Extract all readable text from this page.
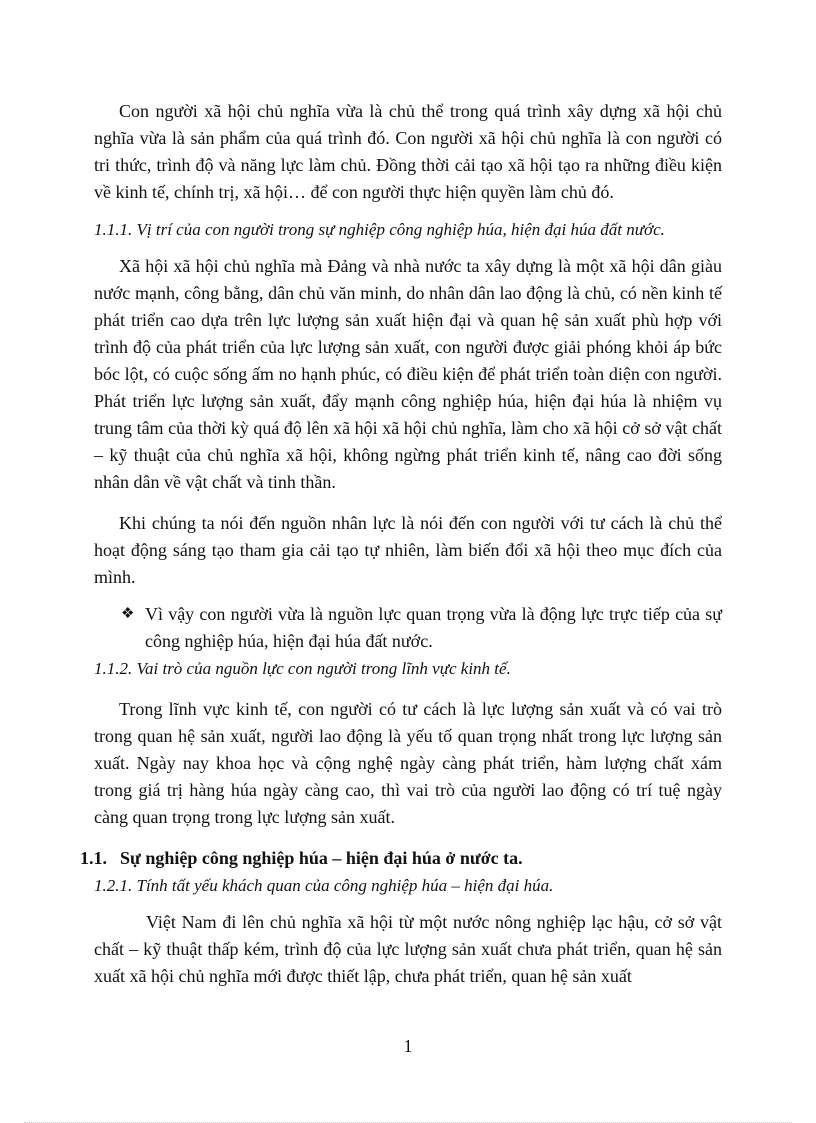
Con người xã hội chủ nghĩa vừa là chủ thể trong quá trình xây dựng xã hội chủ nghĩa vừa là sản phẩm của quá trình đó. Con người xã hội chủ nghĩa là con người có tri thức, trình độ và năng lực làm chủ. Đồng thời cải tạo xã hội tạo ra những điều kiện về kinh tế, chính trị, xã hội… để con người thực hiện quyền làm chủ đó.

1.1.1. Vị trí của con người trong sự nghiệp công nghiệp húa, hiện đại húa đất nước.

Xã hội xã hội chủ nghĩa mà Đảng và nhà nước ta xây dựng là một xã hội dân giàu nước mạnh, công bằng, dân chủ văn minh, do nhân dân lao động là chủ, có nền kinh tế phát triển cao dựa trên lực lượng sản xuất hiện đại và quan hệ sản xuất phù hợp với trình độ của phát triển của lực lượng sản xuất, con người được giải phóng khỏi áp bức bóc lột, có cuộc sống ấm no hạnh phúc, có điều kiện để phát triển toàn diện con người. Phát triển lực lượng sản xuất, đẩy mạnh công nghiệp húa, hiện đại húa là nhiệm vụ trung tâm của thời kỳ quá độ lên xã hội xã hội chủ nghĩa, làm cho xã hội cở sở vật chất – kỹ thuật của chủ nghĩa xã hội, không ngừng phát triển kinh tế, nâng cao đời sống nhân dân về vật chất và tinh thần.

Khi chúng ta nói đến nguồn nhân lực là nói đến con người với tư cách là chủ thể hoạt động sáng tạo tham gia cải tạo tự nhiên, làm biến đổi xã hội theo mục đích của mình.

❖ Vì vậy con người vừa là nguồn lực quan trọng vừa là động lực trực tiếp của sự công nghiệp húa, hiện đại húa đất nước.

1.1.2. Vai trò của nguồn lực con người trong lĩnh vực kinh tế.

Trong lĩnh vực kinh tế, con người có tư cách là lực lượng sản xuất và có vai trò trong quan hệ sản xuất, người lao động là yếu tố quan trọng nhất trong lực lượng sản xuất. Ngày nay khoa học và cộng nghệ ngày càng phát triển, hàm lượng chất xám trong giá trị hàng húa ngày càng cao, thì vai trò của người lao động có trí tuệ ngày càng quan trọng trong lực lượng sản xuất.

1.1. Sự nghiệp công nghiệp húa – hiện đại húa ở nước ta.

1.2.1. Tính tất yếu khách quan của công nghiệp húa – hiện đại húa.

Việt Nam đi lên chủ nghĩa xã hội từ một nước nông nghiệp lạc hậu, cở sở vật chất – kỹ thuật thấp kém, trình độ của lực lượng sản xuất chưa phát triển, quan hệ sản xuất xã hội chủ nghĩa mới được thiết lập, chưa phát triển, quan hệ sản xuất

1
